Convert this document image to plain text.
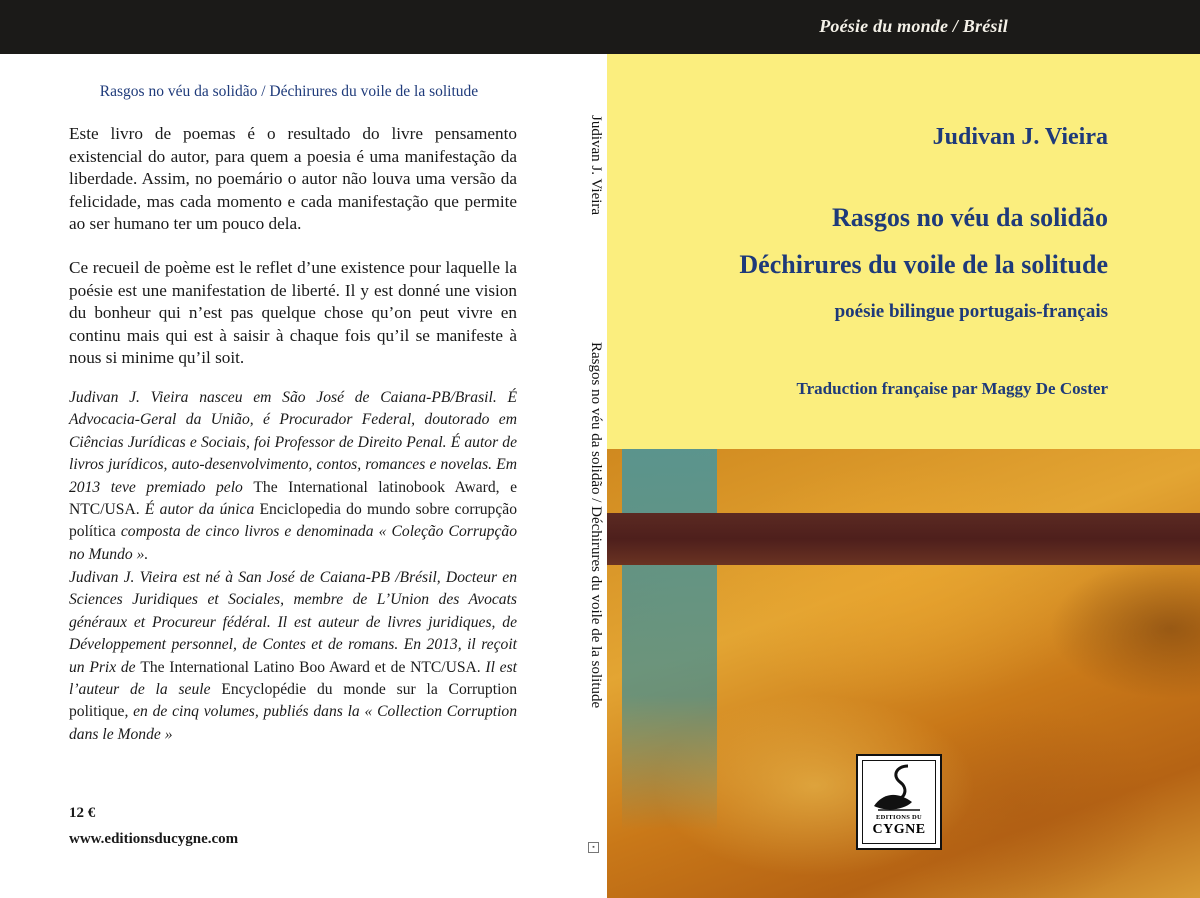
Poésie du monde / Brésil
Rasgos no véu da solidão / Déchirures du voile de la solitude

Este livro de poemas é o resultado do livre pensamento existencial do autor, para quem a poesia é uma manifestação da liberdade. Assim, no poemário o autor não louva uma versão da felicidade, mas cada momento e cada manifestação que permite ao ser humano ter um pouco dela.

Ce recueil de poème est le reflet d’une existence pour laquelle la poésie est une manifestation de liberté. Il y est donné une vision du bonheur qui n’est pas quelque chose qu’on peut vivre en continu mais qui est à saisir à chaque fois qu’il se manifeste à nous si minime qu’il soit.

Judivan J. Vieira nasceu em São José de Caiana-PB/Brasil. É Advocacia-Geral da União, é Procurador Federal, doutorado em Ciências Jurídicas e Sociais, foi Professor de Direito Penal. É autor de livros jurídicos, auto-desenvolvimento, contos, romances e novelas. Em 2013 teve premiado pelo The International latinobook Award, e NTC/USA. É autor da única Enciclopedia do mundo sobre corrupção política composta de cinco livros e denominada « Coleção Corrupção no Mundo ».

Judivan J. Vieira est né à San José de Caiana-PB /Brésil, Docteur en Sciences Juridiques et Sociales, membre de L’Union des Avocats généraux et Procureur fédéral. Il est auteur de livres juridiques, de Développement personnel, de Contes et de romans. En 2013, il reçoit un Prix de The International Latino Boo Award et de NTC/USA. Il est l’auteur de la seule Encyclopédie du monde sur la Corruption politique, en de cinq volumes, publiés dans la « Collection Corruption dans le Monde »

12 €
www.editionsducygne.com
Judivan J. Vieira
Rasgos no véu da solidão / Déchirures du voile de la solitude
▪
Judivan J. Vieira
Rasgos no véu da solidão
Déchirures du voile de la solitude
poésie bilingue portugais-français
Traduction française par Maggy De Coster
EDITIONS DU
CYGNE
